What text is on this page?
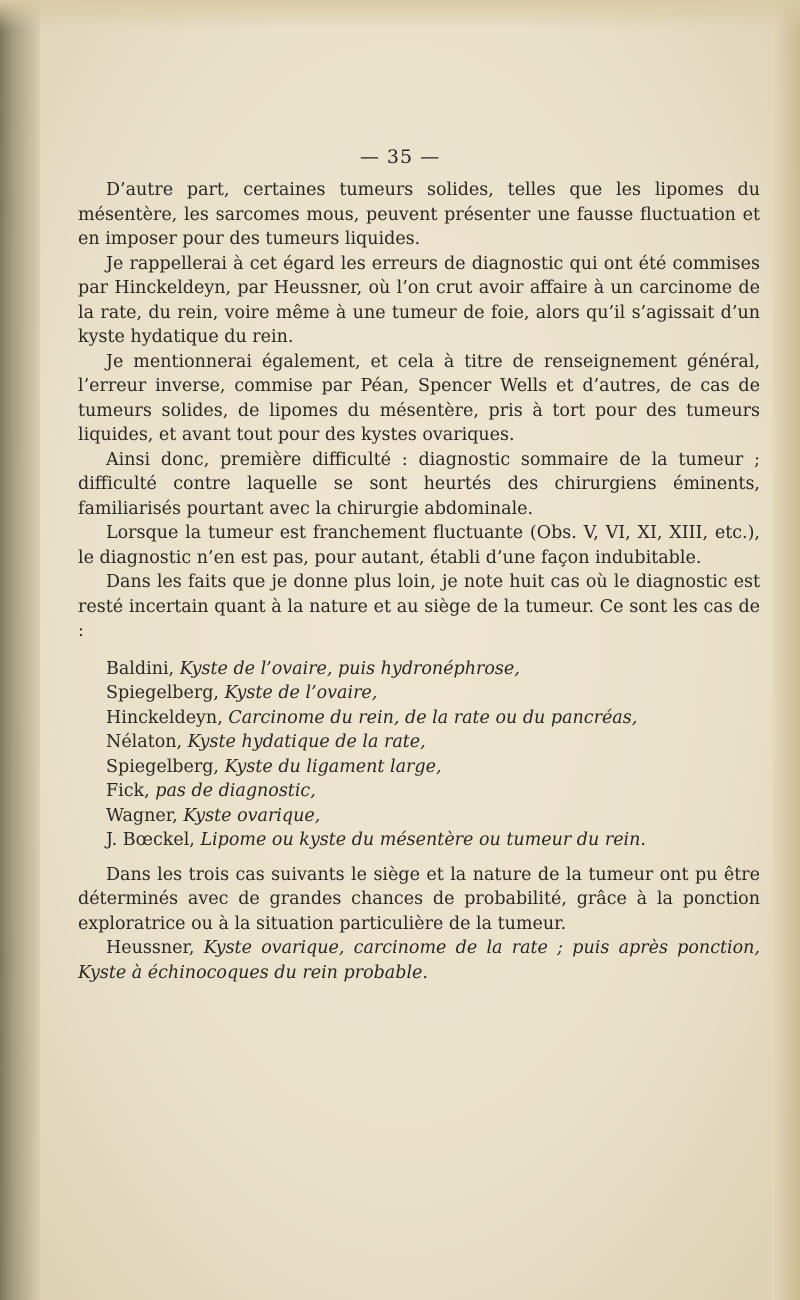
— 35 —

D’autre part, certaines tumeurs solides, telles que les lipomes du mésentère, les sarcomes mous, peuvent présenter une fausse fluctuation et en imposer pour des tumeurs liquides.

Je rappellerai à cet égard les erreurs de diagnostic qui ont été commises par Hinckeldeyn, par Heussner, où l’on crut avoir affaire à un carcinome de la rate, du rein, voire même à une tumeur de foie, alors qu’il s’agissait d’un kyste hydatique du rein.

Je mentionnerai également, et cela à titre de renseignement général, l’erreur inverse, commise par Péan, Spencer Wells et d’autres, de cas de tumeurs solides, de lipomes du mésentère, pris à tort pour des tumeurs liquides, et avant tout pour des kystes ovariques.

Ainsi donc, première difficulté : diagnostic sommaire de la tumeur ; difficulté contre laquelle se sont heurtés des chirurgiens éminents, familiarisés pourtant avec la chirurgie abdominale.

Lorsque la tumeur est franchement fluctuante (Obs. V, VI, XI, XIII, etc.), le diagnostic n’en est pas, pour autant, établi d’une façon indubitable.

Dans les faits que je donne plus loin, je note huit cas où le diagnostic est resté incertain quant à la nature et au siège de la tumeur. Ce sont les cas de :

Baldini, Kyste de l’ovaire, puis hydronéphrose,
Spiegelberg, Kyste de l’ovaire,
Hinckeldeyn, Carcinome du rein, de la rate ou du pancréas,
Nélaton, Kyste hydatique de la rate,
Spiegelberg, Kyste du ligament large,
Fick, pas de diagnostic,
Wagner, Kyste ovarique,
J. Bœckel, Lipome ou kyste du mésentère ou tumeur du rein.

Dans les trois cas suivants le siège et la nature de la tumeur ont pu être déterminés avec de grandes chances de probabilité, grâce à la ponction exploratrice ou à la situation particulière de la tumeur.

Heussner, Kyste ovarique, carcinome de la rate ; puis après ponction, Kyste à échinocoques du rein probable.
